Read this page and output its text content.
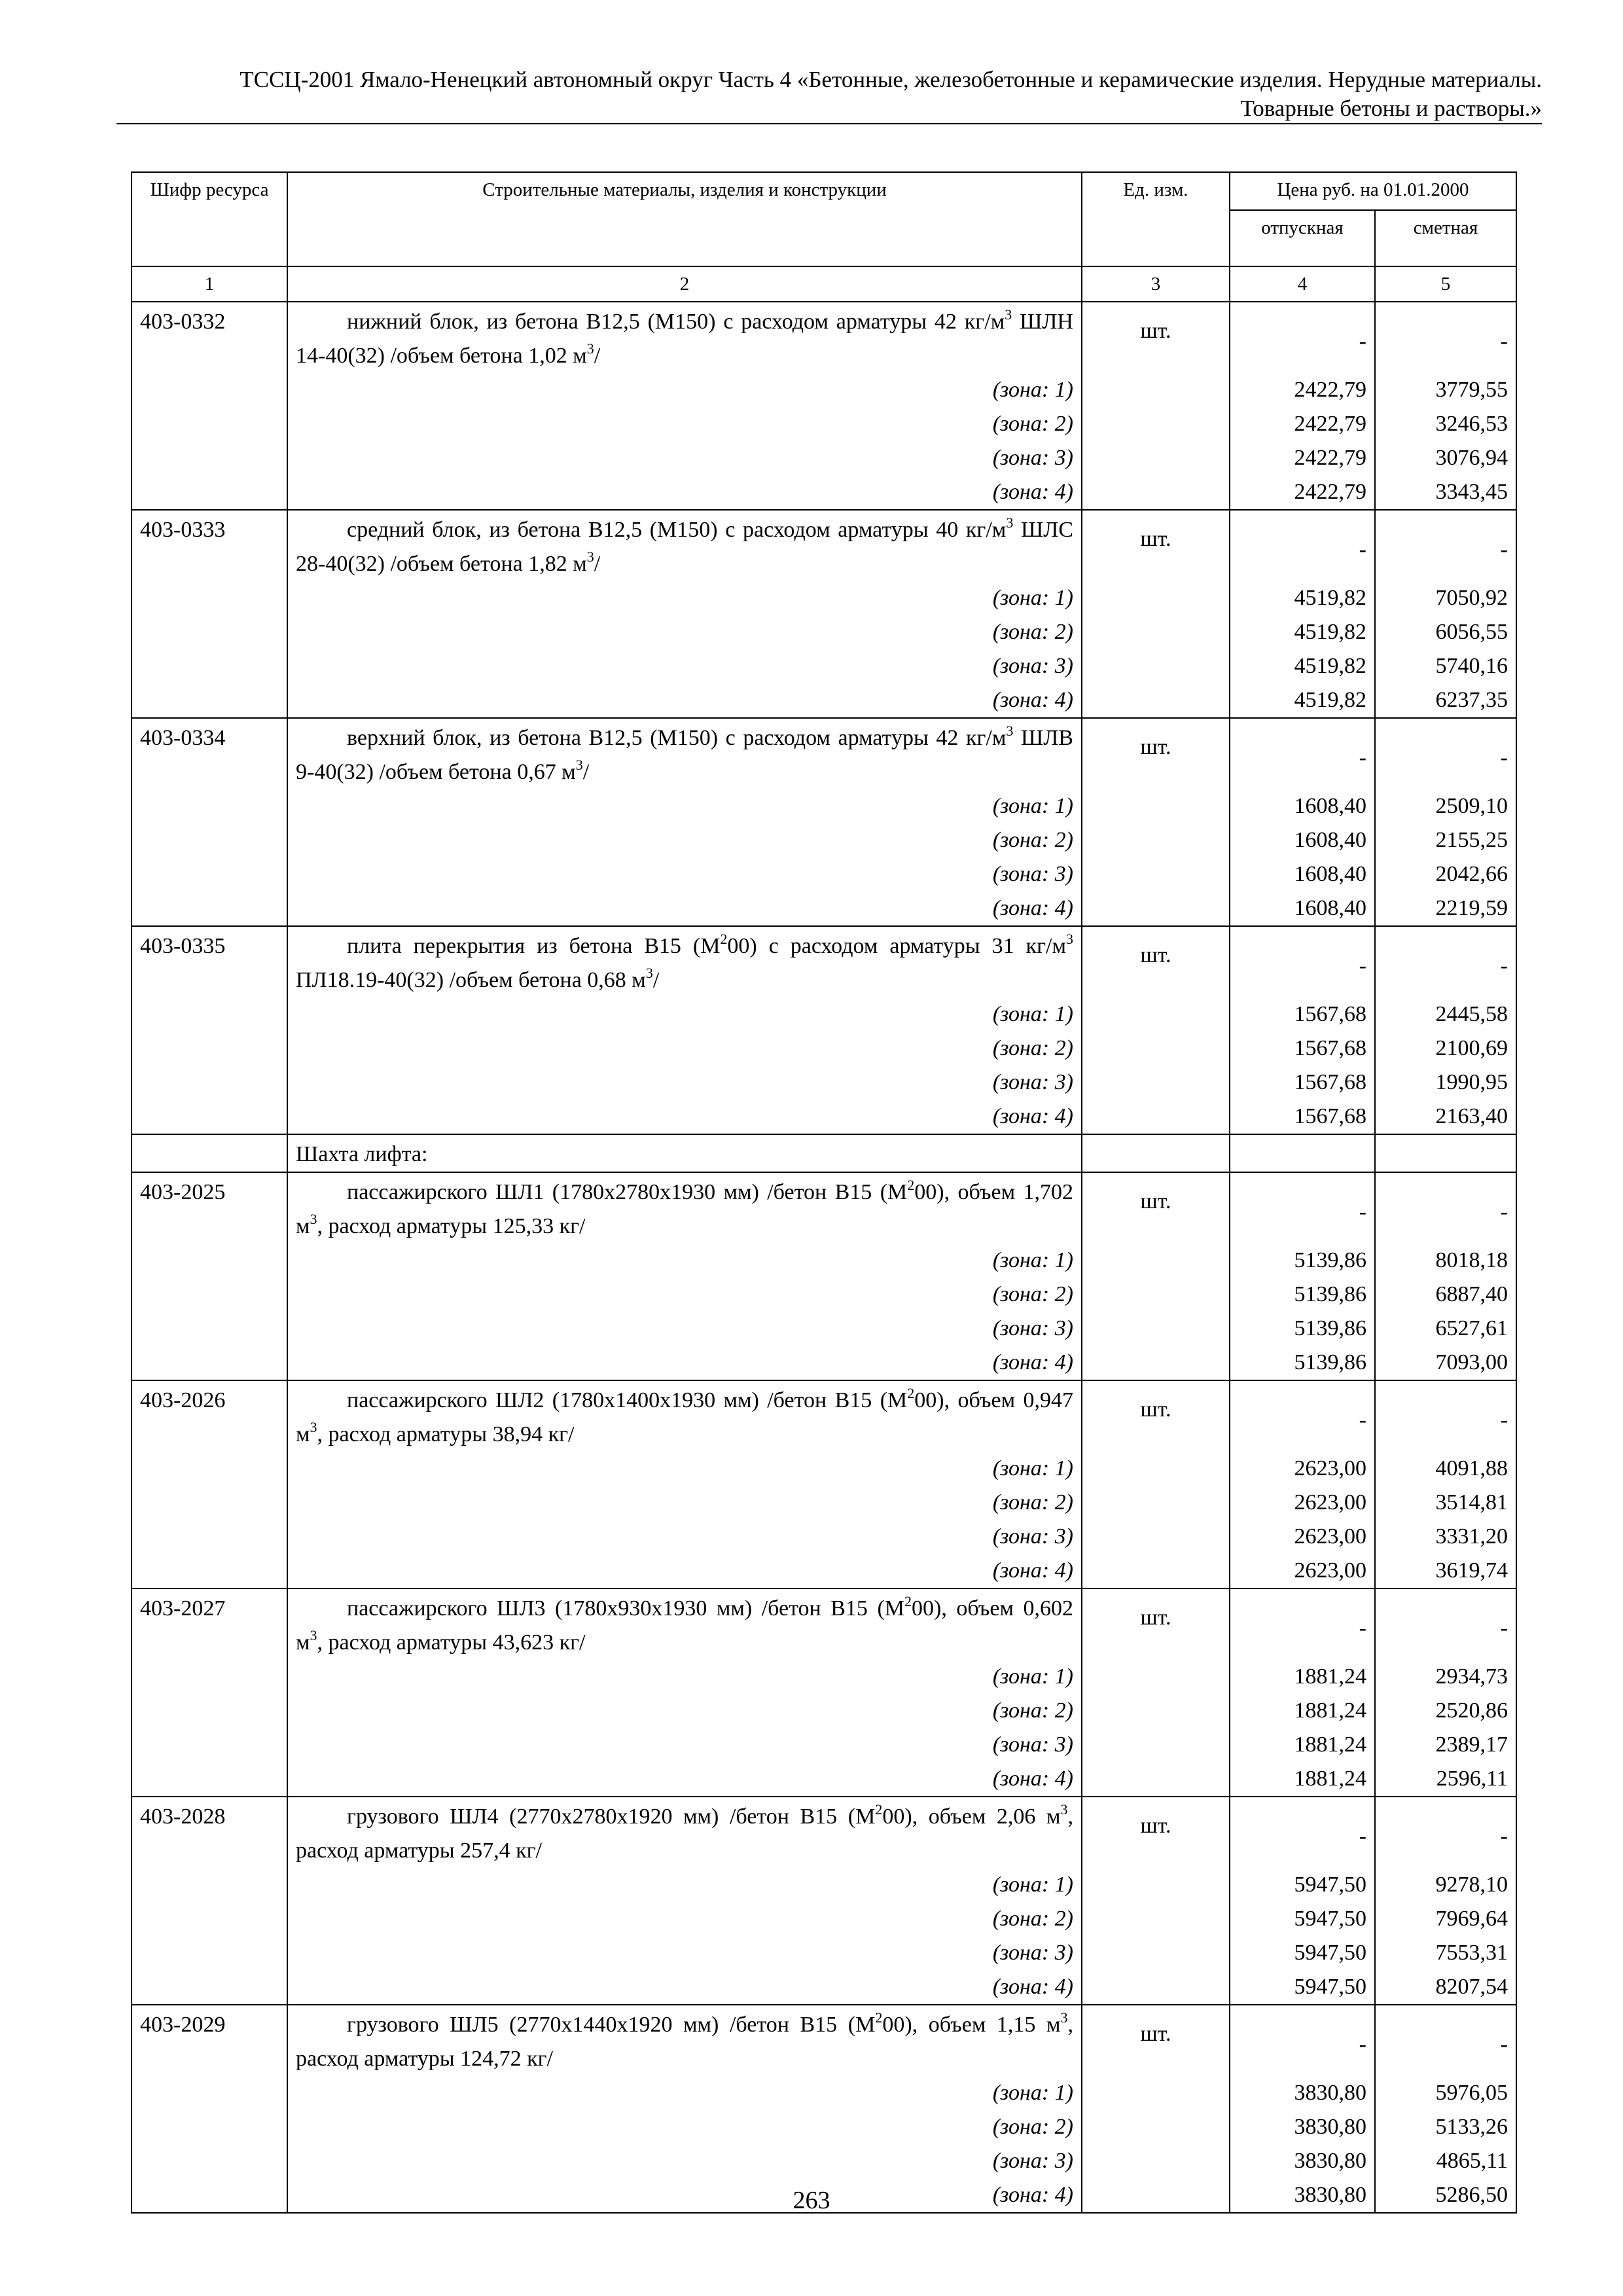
ТССЦ-2001 Ямало-Ненецкий автономный округ Часть 4 «Бетонные, железобетонные и керамические изделия. Нерудные материалы.
Товарные бетоны и растворы.»
Шифр ресурса	Строительные материалы, изделия и конструкции	Ед. изм.	Цена руб. на 01.01.2000	
			отпускная	сметная
1	2	3	4	5
403-0332	нижний блок, из бетона В12,5 (М150) с расходом арматуры 42 $кг/м^3$ ШЛН 14-40(32) /объем бетона 1,02 $м^3/$	шт.	-	-

	(зона: 1)		2422,79	3779,55
	(зона: 2)		2422,79	3246,53
	(зона: 3)		2422,79	3076,94
	(зона: 4)		2422,79	3343,45
403-0333	средний блок, из бетона В12,5 (М150) с расходом арматуры 40 $кг/м^3$ ШЛС 28-40(32) /объем бетона 1,82 $м^3/$	шт.	-	-

	(зона: 1)		4519,82	7050,92
	(зона: 2)		4519,82	6056,55
	(зона: 3)		4519,82	5740,16
	(зона: 4)		4519,82	6237,35
403-0334	верхний блок, из бетона В12,5 (М150) с расходом арматуры 42 $кг/м^3$ ШЛВ 9-40(32) /объем бетона 0,67 $м^3/$	шт.	-	-

	(зона: 1)		1608,40	2509,10
	(зона: 2)		1608,40	2155,25
	(зона: 3)		1608,40	2042,66
	(зона: 4)		1608,40	2219,59
403-0335	плита перекрытия из бетона В15 $(М^200)$ с расходом арматуры 31 $кг/м^3$ ПЛ18.19-40(32) /объем бетона 0,68 $м^3/$	шт.	-	-

	(зона: 1)		1567,68	2445,58
	(зона: 2)		1567,68	2100,69
	(зона: 3)		1567,68	1990,95
	(зона: 4)		1567,68	2163,40
	Шахта лифта:			
403-2025	пассажирского ШЛ1 (1780х2780х1930 мм) /бетон В15 $(М^200)$, объем 1,702 $м^3$, расход арматуры 125,33 кг/	шт.	-	-

	(зона: 1)		5139,86	8018,18
	(зона: 2)		5139,86	6887,40
	(зона: 3)		5139,86	6527,61
	(зона: 4)		5139,86	7093,00
403-2026	пассажирского ШЛ2 (1780х1400х1930 мм) /бетон В15 $(М^200)$, объем 0,947 $м^3$, расход арматуры 38,94 кг/	шт.	-	-

	(зона: 1)		2623,00	4091,88
	(зона: 2)		2623,00	3514,81
	(зона: 3)		2623,00	3331,20
	(зона: 4)		2623,00	3619,74
403-2027	пассажирского ШЛ3 (1780х930х1930 мм) /бетон В15 $(М^200)$, объем 0,602 $м^3$, расход арматуры 43,623 кг/	шт.	-	-

	(зона: 1)		1881,24	2934,73
	(зона: 2)		1881,24	2520,86
	(зона: 3)		1881,24	2389,17
	(зона: 4)		1881,24	2596,11
403-2028	грузового ШЛ4 (2770х2780х1920 мм) /бетон В15 $(М^200)$, объем 2,06 $м^3$, расход арматуры 257,4 кг/	шт.	-	-

	(зона: 1)		5947,50	9278,10
	(зона: 2)		5947,50	7969,64
	(зона: 3)		5947,50	7553,31
	(зона: 4)		5947,50	8207,54
403-2029	грузового ШЛ5 (2770х1440х1920 мм) /бетон В15 $(М^200)$, объем 1,15 $м^3$, расход арматуры 124,72 кг/	шт.	-	-

	(зона: 1)		3830,80	5976,05
	(зона: 2)		3830,80	5133,26
	(зона: 3)		3830,80	4865,11
	(зона: 4)		3830,80	5286,50
263
